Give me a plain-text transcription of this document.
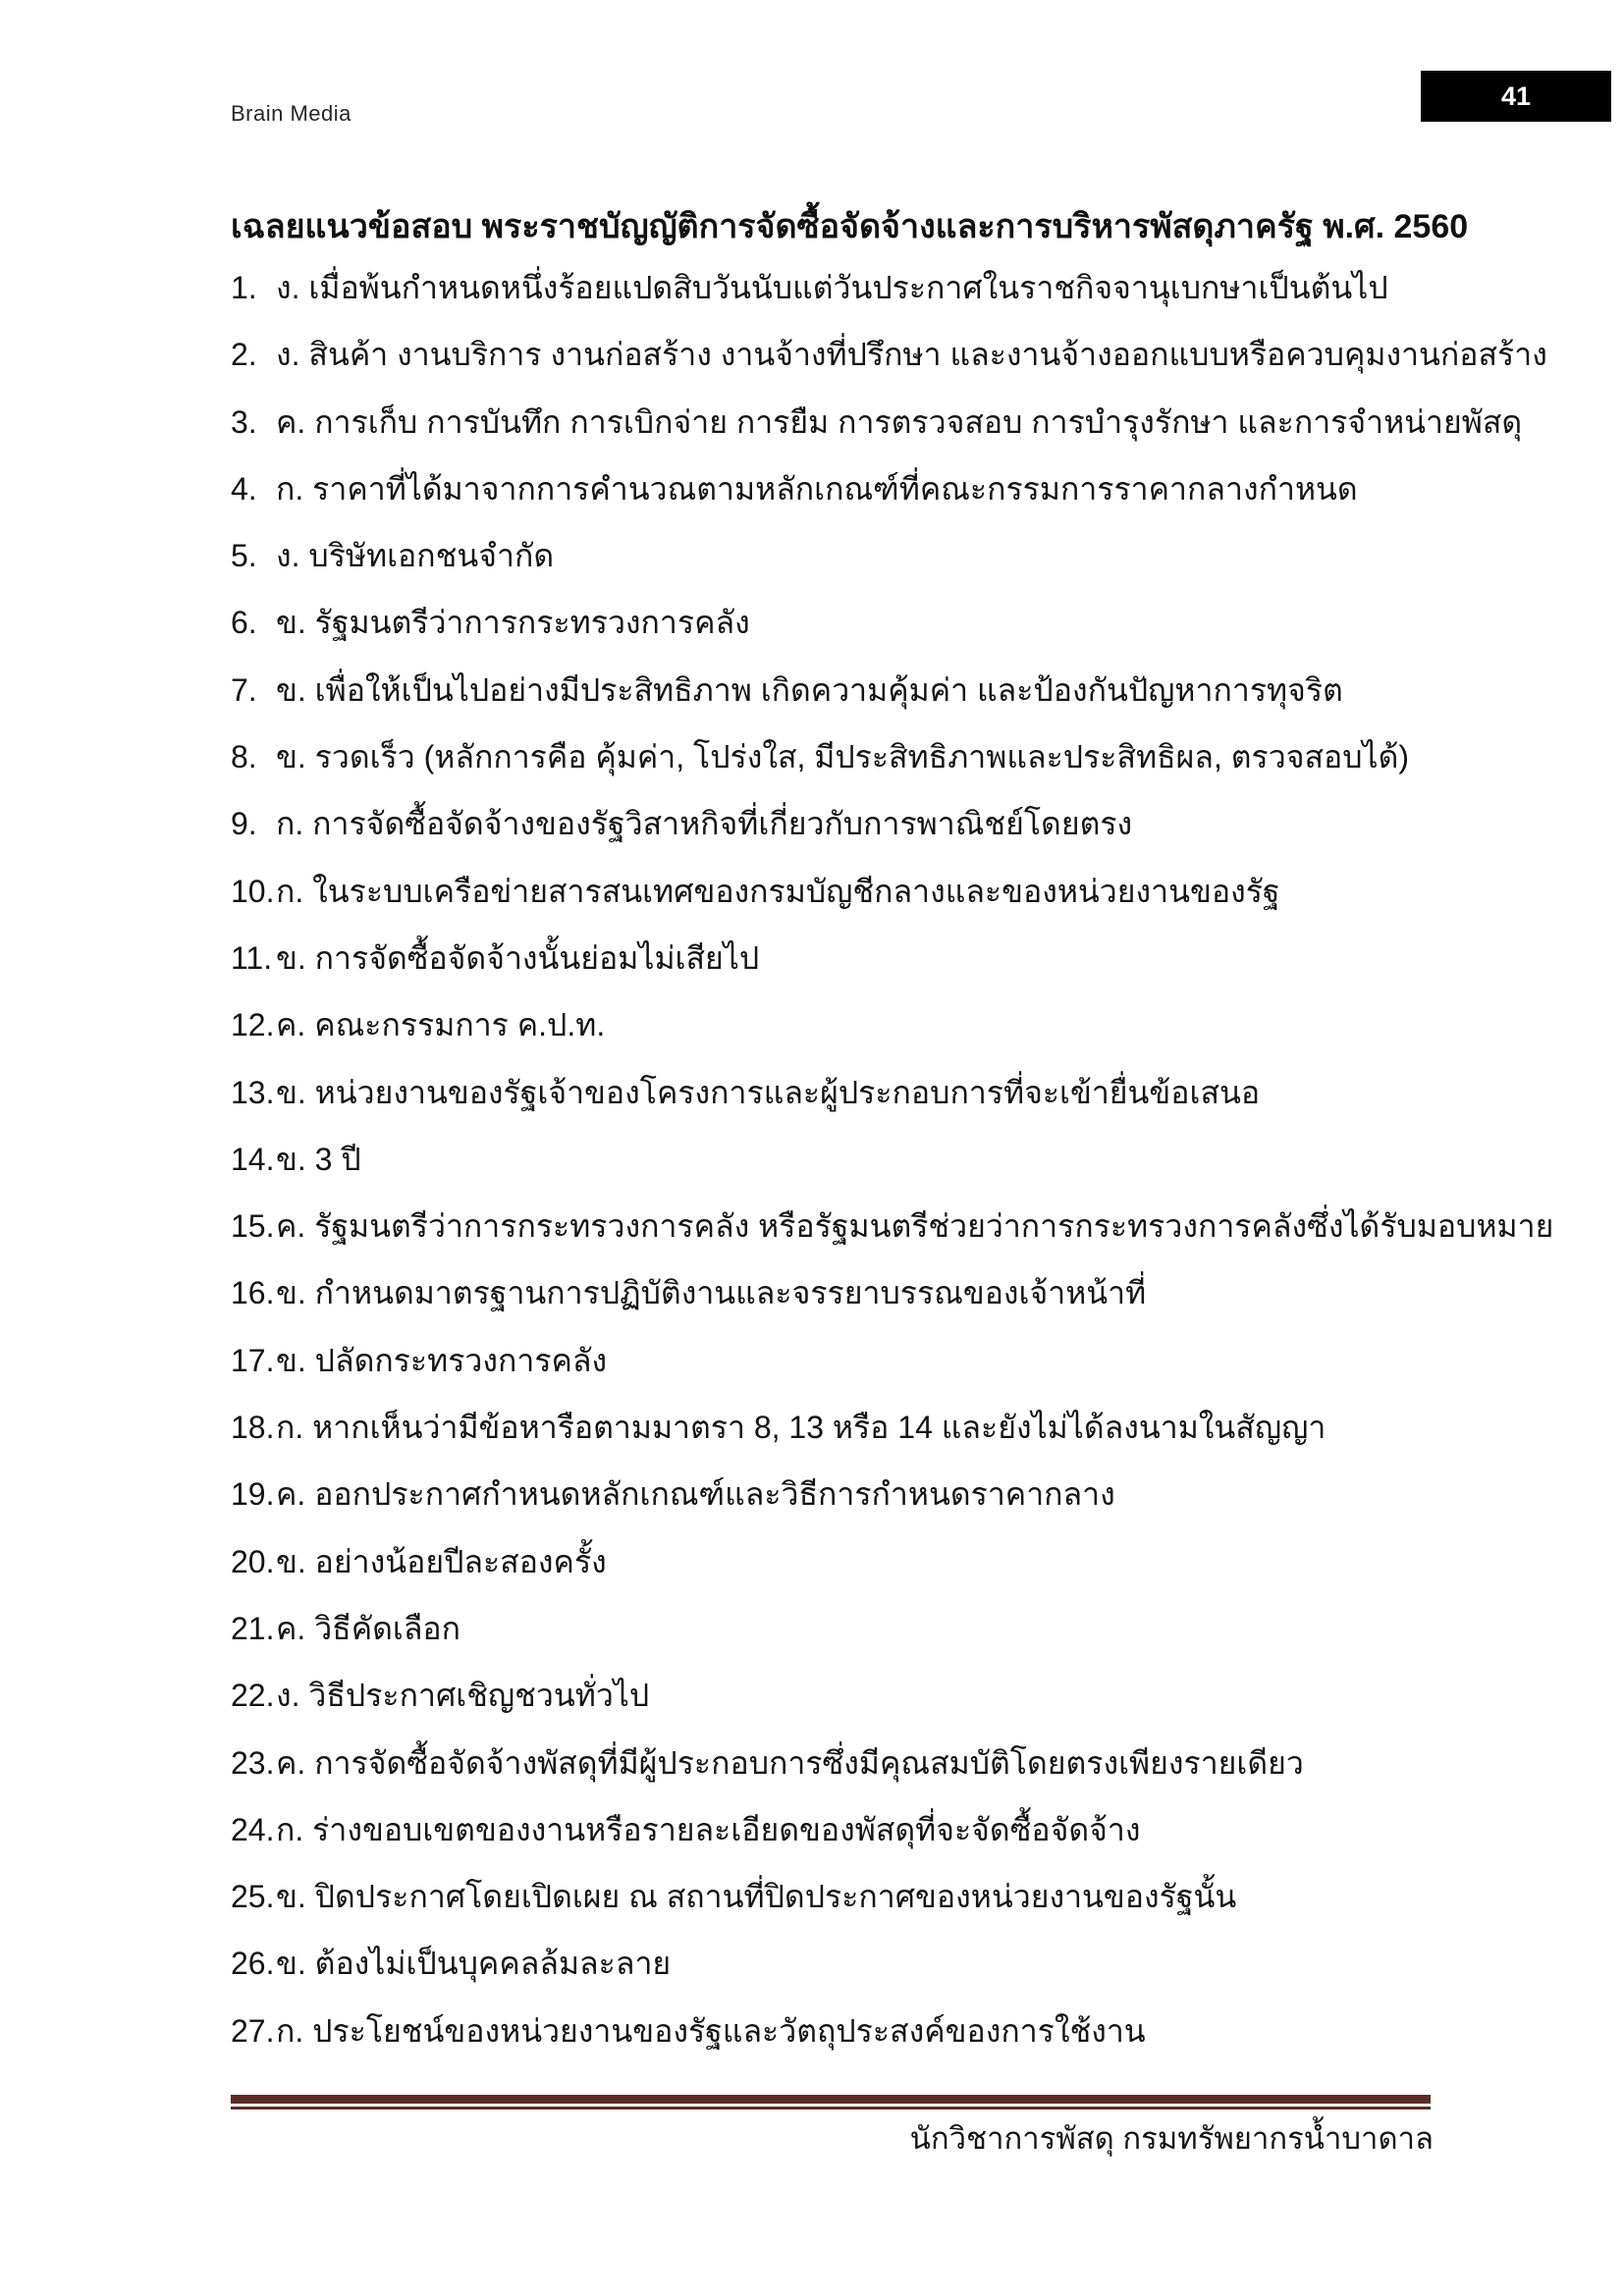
Brain Media
41
เฉลยแนวข้อสอบ พระราชบัญญัติการจัดซื้อจัดจ้างและการบริหารพัสดุภาครัฐ พ.ศ. 2560
1. ง. เมื่อพ้นกำหนดหนึ่งร้อยแปดสิบวันนับแต่วันประกาศในราชกิจจานุเบกษาเป็นต้นไป
2. ง. สินค้า งานบริการ งานก่อสร้าง งานจ้างที่ปรึกษา และงานจ้างออกแบบหรือควบคุมงานก่อสร้าง
3. ค. การเก็บ การบันทึก การเบิกจ่าย การยืม การตรวจสอบ การบำรุงรักษา และการจำหน่ายพัสดุ
4. ก. ราคาที่ได้มาจากการคำนวณตามหลักเกณฑ์ที่คณะกรรมการราคากลางกำหนด
5. ง. บริษัทเอกชนจำกัด
6. ข. รัฐมนตรีว่าการกระทรวงการคลัง
7. ข. เพื่อให้เป็นไปอย่างมีประสิทธิภาพ เกิดความคุ้มค่า และป้องกันปัญหาการทุจริต
8. ข. รวดเร็ว (หลักการคือ คุ้มค่า, โปร่งใส, มีประสิทธิภาพและประสิทธิผล, ตรวจสอบได้)
9. ก. การจัดซื้อจัดจ้างของรัฐวิสาหกิจที่เกี่ยวกับการพาณิชย์โดยตรง
10. ก. ในระบบเครือข่ายสารสนเทศของกรมบัญชีกลางและของหน่วยงานของรัฐ
11. ข. การจัดซื้อจัดจ้างนั้นย่อมไม่เสียไป
12. ค. คณะกรรมการ ค.ป.ท.
13. ข. หน่วยงานของรัฐเจ้าของโครงการและผู้ประกอบการที่จะเข้ายื่นข้อเสนอ
14. ข. 3 ปี
15. ค. รัฐมนตรีว่าการกระทรวงการคลัง หรือรัฐมนตรีช่วยว่าการกระทรวงการคลังซึ่งได้รับมอบหมาย
16. ข. กำหนดมาตรฐานการปฏิบัติงานและจรรยาบรรณของเจ้าหน้าที่
17. ข. ปลัดกระทรวงการคลัง
18. ก. หากเห็นว่ามีข้อหารือตามมาตรา 8, 13 หรือ 14 และยังไม่ได้ลงนามในสัญญา
19. ค. ออกประกาศกำหนดหลักเกณฑ์และวิธีการกำหนดราคากลาง
20. ข. อย่างน้อยปีละสองครั้ง
21. ค. วิธีคัดเลือก
22. ง. วิธีประกาศเชิญชวนทั่วไป
23. ค. การจัดซื้อจัดจ้างพัสดุที่มีผู้ประกอบการซึ่งมีคุณสมบัติโดยตรงเพียงรายเดียว
24. ก. ร่างขอบเขตของงานหรือรายละเอียดของพัสดุที่จะจัดซื้อจัดจ้าง
25. ข. ปิดประกาศโดยเปิดเผย ณ สถานที่ปิดประกาศของหน่วยงานของรัฐนั้น
26. ข. ต้องไม่เป็นบุคคลล้มละลาย
27. ก. ประโยชน์ของหน่วยงานของรัฐและวัตถุประสงค์ของการใช้งาน
นักวิชาการพัสดุ กรมทรัพยากรน้ำบาดาล
